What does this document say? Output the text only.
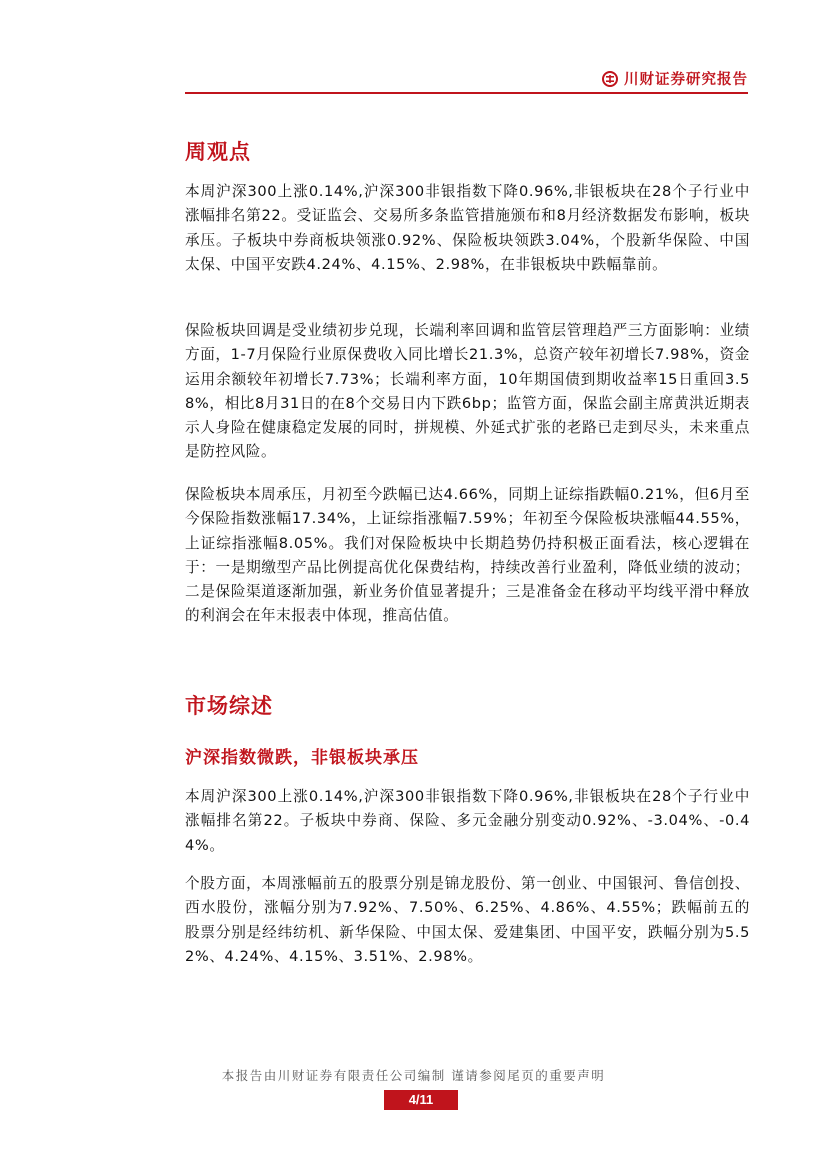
川财证券研究报告
周观点

本周沪深300上涨0.14%,沪深300非银指数下降0.96%,非银板块在28个子行业中涨幅排名第22。受证监会、交易所多条监管措施颁布和8月经济数据发布影响，板块承压。子板块中券商板块领涨0.92%、保险板块领跌3.04%，个股新华保险、中国太保、中国平安跌4.24%、4.15%、2.98%，在非银板块中跌幅靠前。

保险板块回调是受业绩初步兑现，长端利率回调和监管层管理趋严三方面影响：业绩方面，1-7月保险行业原保费收入同比增长21.3%，总资产较年初增长7.98%，资金运用余额较年初增长7.73%；长端利率方面，10年期国债到期收益率15日重回3.58%，相比8月31日的在8个交易日内下跌6bp；监管方面，保监会副主席黄洪近期表示人身险在健康稳定发展的同时，拼规模、外延式扩张的老路已走到尽头，未来重点是防控风险。

保险板块本周承压，月初至今跌幅已达4.66%，同期上证综指跌幅0.21%，但6月至今保险指数涨幅17.34%，上证综指涨幅7.59%；年初至今保险板块涨幅44.55%，上证综指涨幅8.05%。我们对保险板块中长期趋势仍持积极正面看法，核心逻辑在于：一是期缴型产品比例提高优化保费结构，持续改善行业盈利，降低业绩的波动；二是保险渠道逐渐加强，新业务价值显著提升；三是准备金在移动平均线平滑中释放的利润会在年末报表中体现，推高估值。

市场综述
沪深指数微跌，非银板块承压

本周沪深300上涨0.14%,沪深300非银指数下降0.96%,非银板块在28个子行业中涨幅排名第22。子板块中券商、保险、多元金融分别变动0.92%、-3.04%、-0.44%。

个股方面，本周涨幅前五的股票分别是锦龙股份、第一创业、中国银河、鲁信创投、西水股份，涨幅分别为7.92%、7.50%、6.25%、4.86%、4.55%；跌幅前五的股票分别是经纬纺机、新华保险、中国太保、爱建集团、中国平安，跌幅分别为5.52%、4.24%、4.15%、3.51%、2.98%。

本报告由川财证券有限责任公司编制 谨请参阅尾页的重要声明
4/11
